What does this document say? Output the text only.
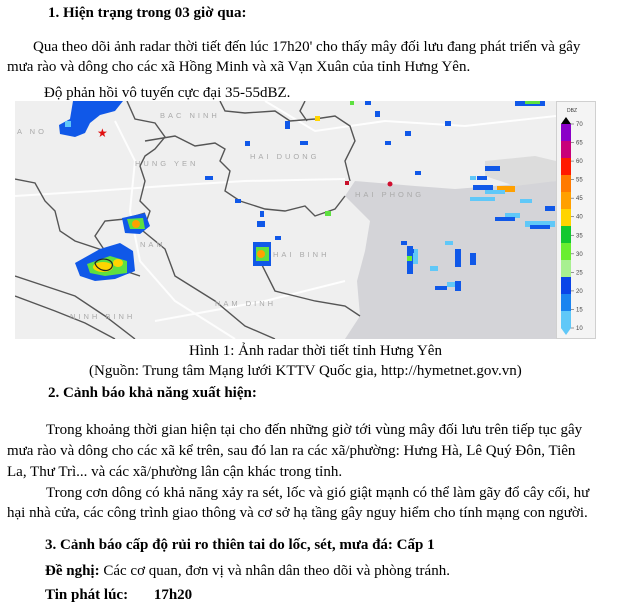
1. Hiện trạng trong 03 giờ qua:
Qua theo dõi ảnh radar thời tiết đến lúc 17h20' cho thấy mây đối lưu đang phát triển và gây
mưa rào và dông cho các xã Hồng Minh và xã Vạn Xuân của tỉnh Hưng Yên.
Độ phản hồi vô tuyến cực đại 35-55dBZ.
A NO
BAC NINH
HUNG YEN
HAI DUONG
HAI PHONG
NAM
HAI BINH
NAM DINH
NINH BINH
★
DBZ
70
65
60
55
45
40
35
30
25
20
15
10
Hình 1: Ảnh radar thời tiết tỉnh Hưng Yên
(Nguồn: Trung tâm Mạng lưới KTTV Quốc gia, http://hymetnet.gov.vn)
2. Cảnh báo khả năng xuất hiện:
Trong khoảng thời gian hiện tại cho đến những giờ tới vùng mây đối lưu trên tiếp tục gây
mưa rào và dông cho các xã kể trên, sau đó lan ra các xã/phường: Hưng Hà, Lê Quý Đôn, Tiên
La, Thư Trì... và các xã/phường lân cận khác trong tỉnh.
Trong cơn dông có khả năng xảy ra sét, lốc và gió giật mạnh có thể làm gãy đổ cây cối, hư
hại nhà cửa, các công trình giao thông và cơ sở hạ tầng gây nguy hiểm cho tính mạng con người.
3. Cảnh báo cấp độ rủi ro thiên tai do lốc, sét, mưa đá: Cấp 1
Đề nghị: Các cơ quan, đơn vị và nhân dân theo dõi và phòng tránh.
Tin phát lúc: 17h20
